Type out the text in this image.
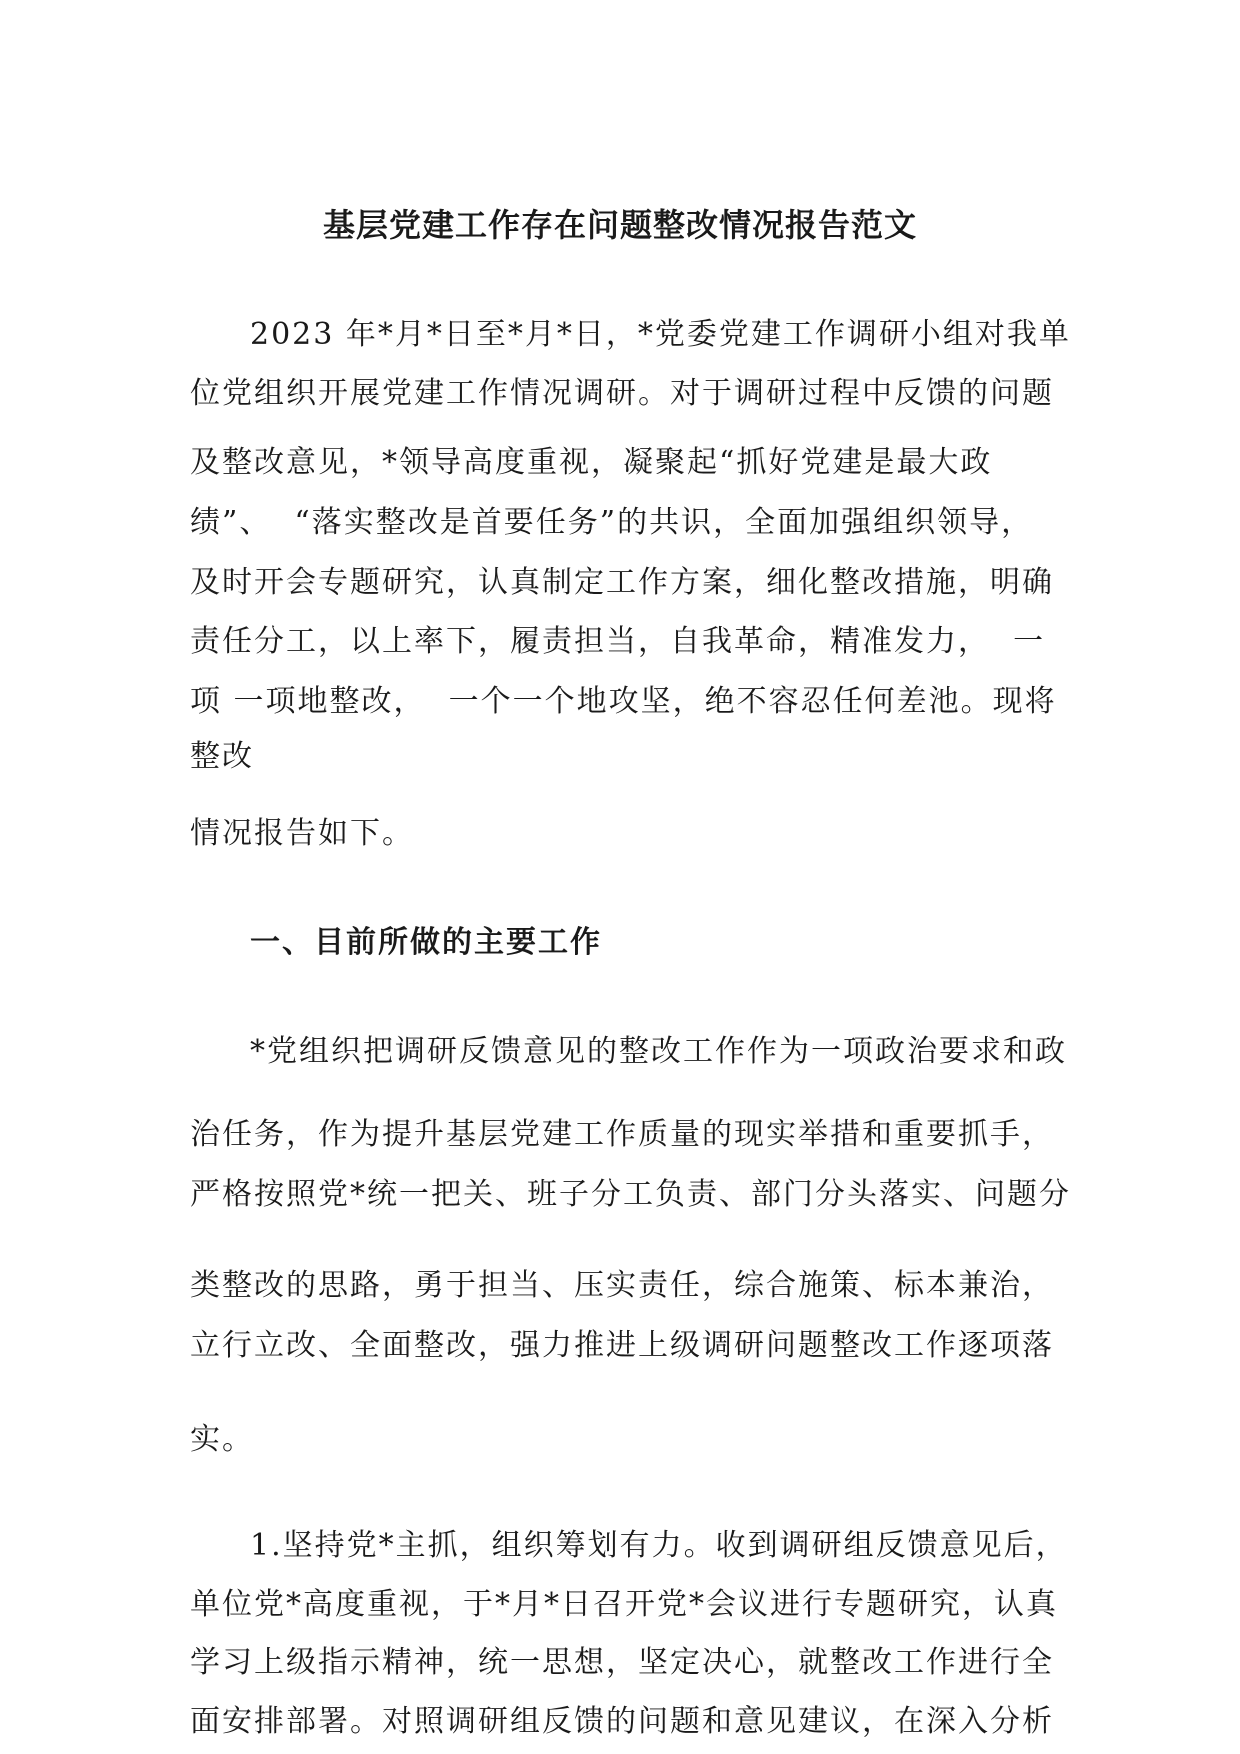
基层党建工作存在问题整改情况报告范文
2023 年*月*日至*月*日，*党委党建工作调研小组对我单
位党组织开展党建工作情况调研。对于调研过程中反馈的问题
及整改意见，*领导高度重视，凝聚起“抓好党建是最大政
绩”、  “落实整改是首要任务”的共识，全面加强组织领导，
及时开会专题研究，认真制定工作方案，细化整改措施，明确
责任分工，以上率下，履责担当，自我革命，精准发力，  一
项 一项地整改，  一个一个地攻坚，绝不容忍任何差池。现将
整改
情况报告如下。
一、目前所做的主要工作
*党组织把调研反馈意见的整改工作作为一项政治要求和政
治任务，作为提升基层党建工作质量的现实举措和重要抓手，
严格按照党*统一把关、班子分工负责、部门分头落实、问题分
类整改的思路，勇于担当、压实责任，综合施策、标本兼治，
立行立改、全面整改，强力推进上级调研问题整改工作逐项落
实。
1.坚持党*主抓，组织筹划有力。收到调研组反馈意见后，
单位党*高度重视，于*月*日召开党*会议进行专题研究，认真
学习上级指示精神，统一思想，坚定决心，就整改工作进行全
面安排部署。对照调研组反馈的问题和意见建议，在深入分析
